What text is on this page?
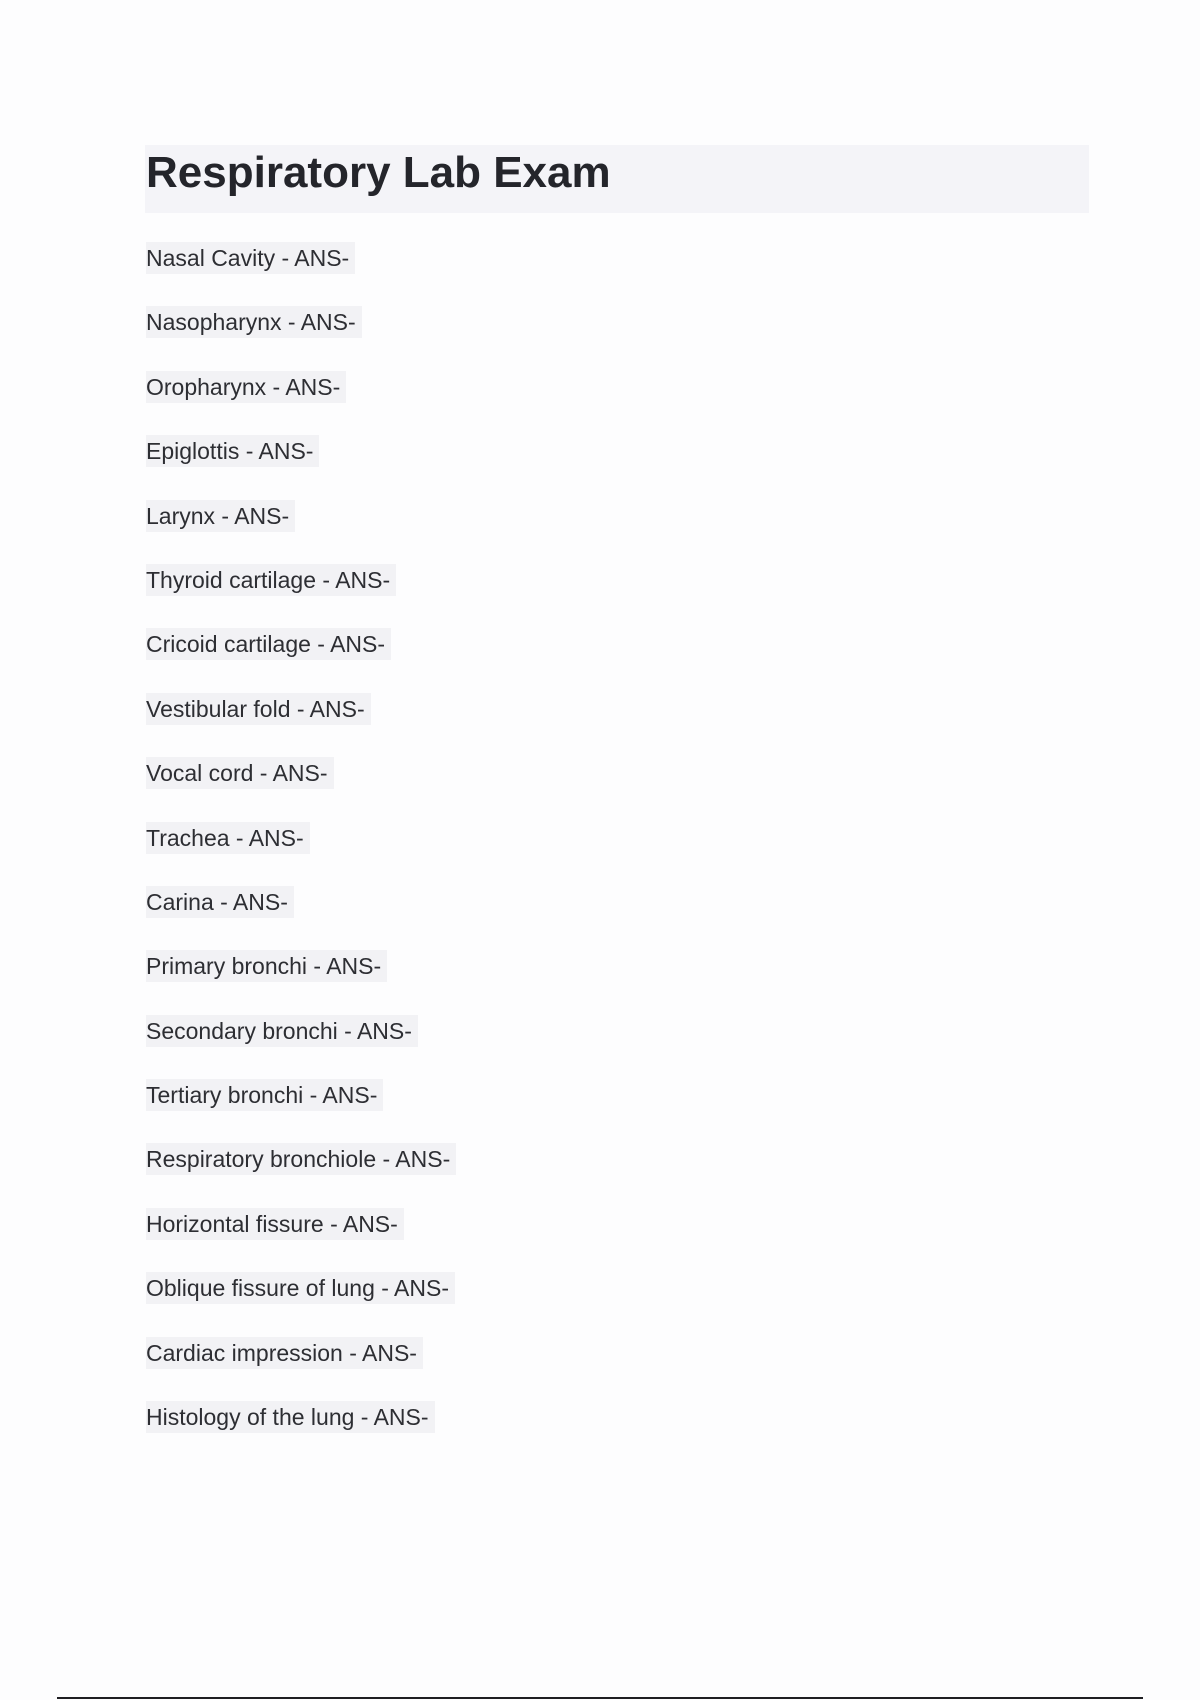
Respiratory Lab Exam
Nasal Cavity - ANS-
Nasopharynx - ANS-
Oropharynx - ANS-
Epiglottis - ANS-
Larynx - ANS-
Thyroid cartilage - ANS-
Cricoid cartilage - ANS-
Vestibular fold - ANS-
Vocal cord - ANS-
Trachea - ANS-
Carina - ANS-
Primary bronchi - ANS-
Secondary bronchi - ANS-
Tertiary bronchi - ANS-
Respiratory bronchiole - ANS-
Horizontal fissure - ANS-
Oblique fissure of lung - ANS-
Cardiac impression - ANS-
Histology of the lung - ANS-
